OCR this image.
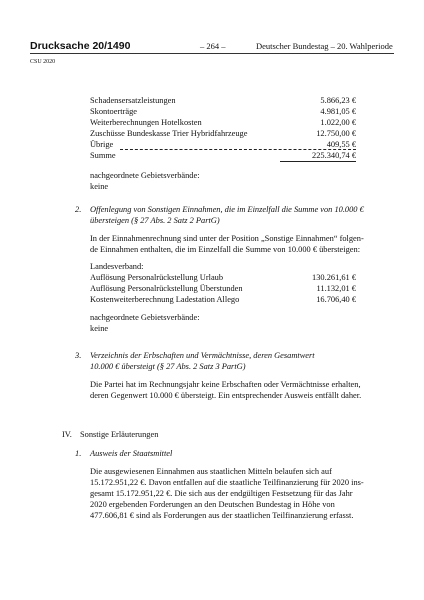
Drucksache 20/1490	– 264 –	Deutscher Bundestag – 20. Wahlperiode
CSU 2020
Schadensersatzleistungen	5.866,23 €
Skontoerträge	4.981,05 €
Weiterberechnungen Hotelkosten	1.022,00 €
Zuschüsse Bundeskasse Trier Hybridfahrzeuge	12.750,00 €
Übrige	409,55 €
Summe	225.340,74 €
nachgeordnete Gebietsverbände:
keine
2. Offenlegung von Sonstigen Einnahmen, die im Einzelfall die Summe von 10.000 €
übersteigen (§ 27 Abs. 2 Satz 2 PartG)
In der Einnahmenrechnung sind unter der Position „Sonstige Einnahmen“ folgen-
de Einnahmen enthalten, die im Einzelfall die Summe von 10.000 € übersteigen:
Landesverband:
Auflösung Personalrückstellung Urlaub	130.261,61 €
Auflösung Personalrückstellung Überstunden	11.132,01 €
Kostenweiterberechnung Ladestation Allego	16.706,40 €
nachgeordnete Gebietsverbände:
keine
3. Verzeichnis der Erbschaften und Vermächtnisse, deren Gesamtwert
10.000 € übersteigt (§ 27 Abs. 2 Satz 3 PartG)
Die Partei hat im Rechnungsjahr keine Erbschaften oder Vermächtnisse erhalten,
deren Gegenwert 10.000 € übersteigt. Ein entsprechender Ausweis entfällt daher.
IV. Sonstige Erläuterungen
1. Ausweis der Staatsmittel
Die ausgewiesenen Einnahmen aus staatlichen Mitteln belaufen sich auf
15.172.951,22 €. Davon entfallen auf die staatliche Teilfinanzierung für 2020 ins-
gesamt 15.172.951,22 €. Die sich aus der endgültigen Festsetzung für das Jahr
2020 ergebenden Forderungen an den Deutschen Bundestag in Höhe von
477.606,81 € sind als Forderungen aus der staatlichen Teilfinanzierung erfasst.
